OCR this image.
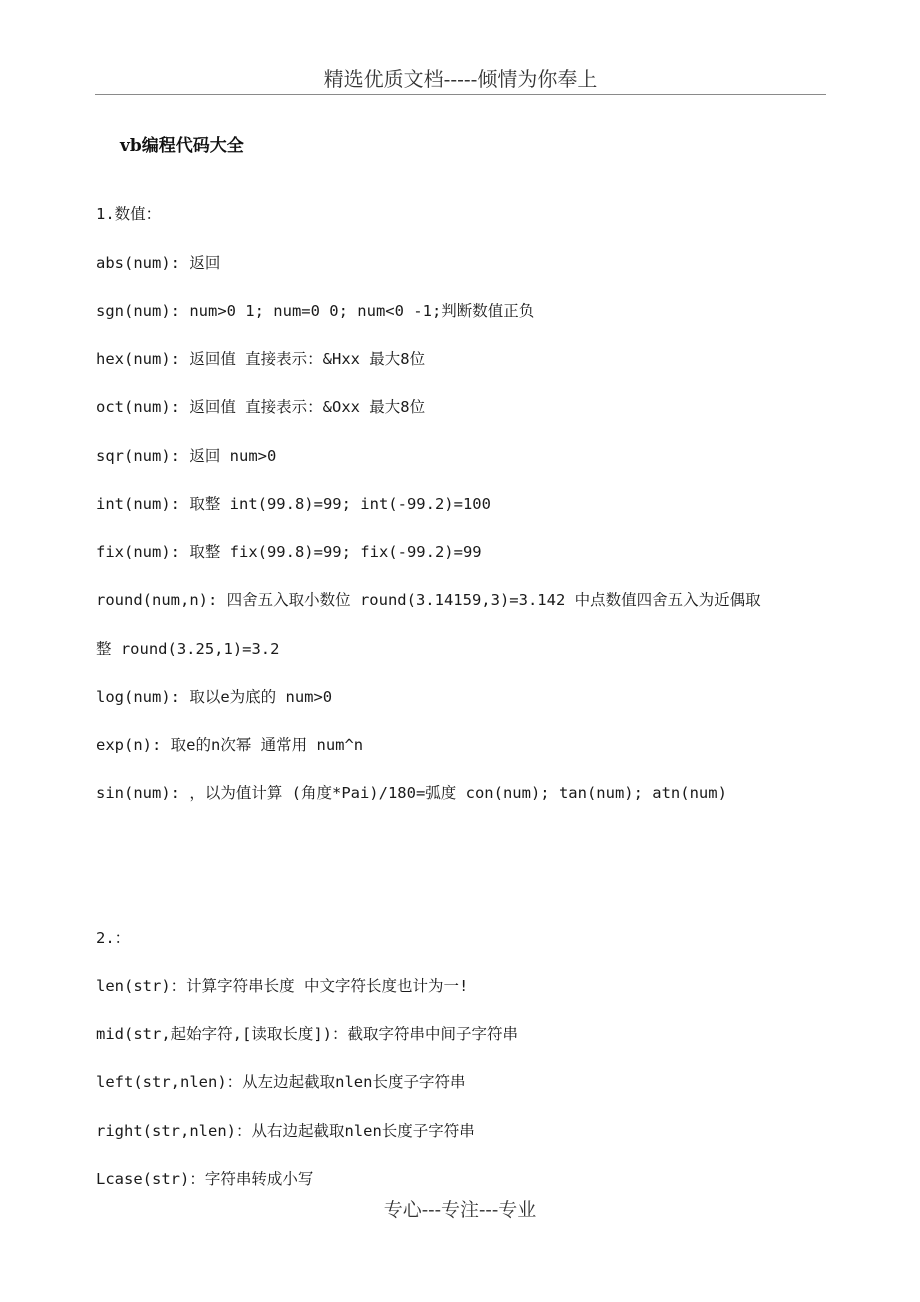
精选优质文档-----倾情为你奉上
vb编程代码大全
1.数值：
abs(num): 返回
sgn(num): num>0 1; num=0 0; num<0 -1;判断数值正负
hex(num): 返回值 直接表示：&Hxx 最大8位
oct(num): 返回值 直接表示：&Oxx 最大8位
sqr(num): 返回 num>0
int(num): 取整 int(99.8)=99; int(-99.2)=100
fix(num): 取整 fix(99.8)=99; fix(-99.2)=99
round(num,n): 四舍五入取小数位 round(3.14159,3)=3.142 中点数值四舍五入为近偶取
整 round(3.25,1)=3.2
log(num): 取以e为底的 num>0
exp(n): 取e的n次幂 通常用 num^n
sin(num): ，以为值计算 (角度*Pai)/180=弧度 con(num); tan(num); atn(num)
2.：
len(str)：计算字符串长度 中文字符长度也计为一!
mid(str,起始字符,[读取长度])：截取字符串中间子字符串
left(str,nlen)：从左边起截取nlen长度子字符串
right(str,nlen)：从右边起截取nlen长度子字符串
Lcase(str)：字符串转成小写
专心---专注---专业
